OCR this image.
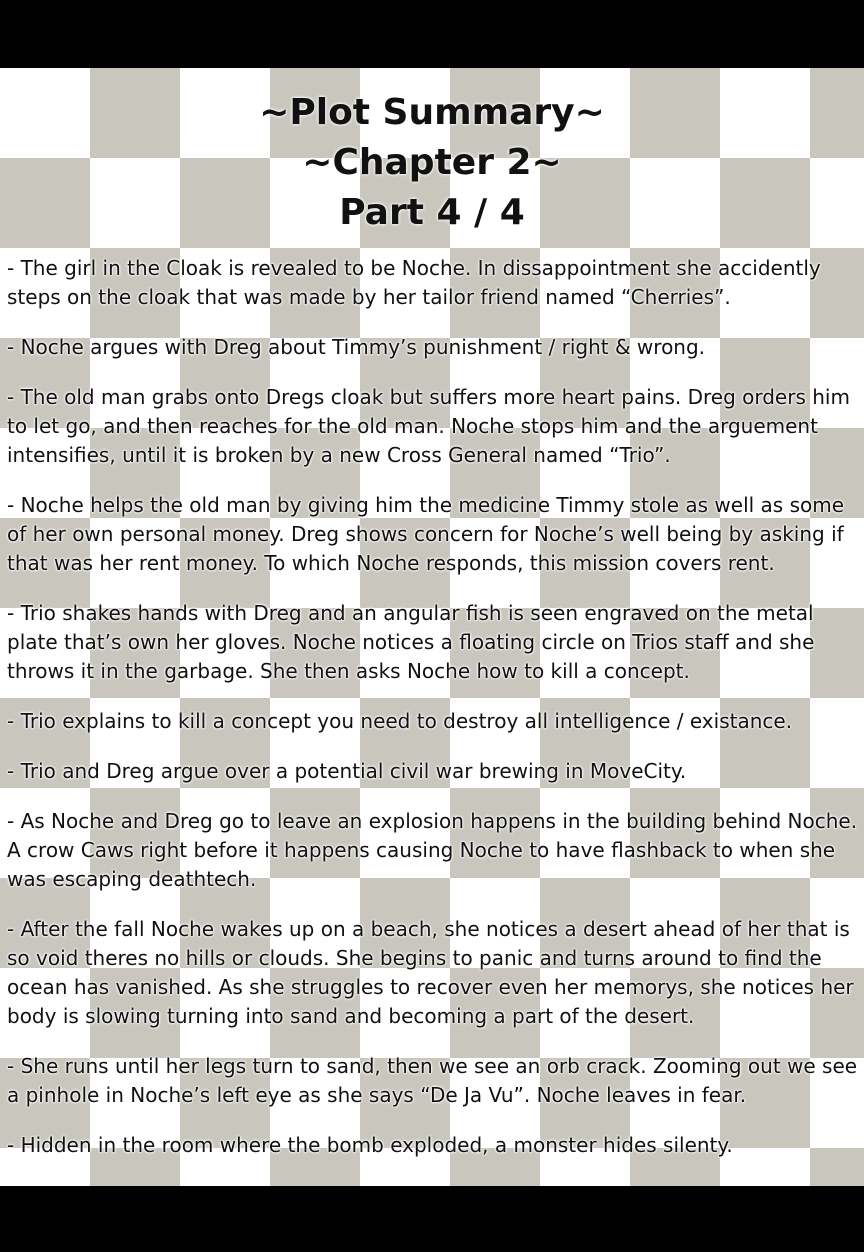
~Plot Summary~
~Chapter 2~
Part 4 / 4
- The girl in the Cloak is revealed to be Noche. In dissappointment she accidently steps on the cloak that was made by her tailor friend named “Cherries”.
- Noche argues with Dreg about Timmy’s punishment / right & wrong.
- The old man grabs onto Dregs cloak but suffers more heart pains. Dreg orders him to let go, and then reaches for the old man. Noche stops him and the arguement intensifies, until it is broken by a new Cross General named “Trio”.
- Noche helps the old man by giving him the medicine Timmy stole as well as some of her own personal money. Dreg shows concern for Noche’s well being by asking if that was her rent money. To which Noche responds, this mission covers rent.
- Trio shakes hands with Dreg and an angular fish is seen engraved on the metal plate that’s own her gloves. Noche notices a floating circle on Trios staff and she throws it in the garbage. She then asks Noche how to kill a concept.
- Trio explains to kill a concept you need to destroy all intelligence / existance.
- Trio and Dreg argue over a potential civil war brewing in MoveCity.
- As Noche and Dreg go to leave an explosion happens in the building behind Noche. A crow Caws right before it happens causing Noche to have flashback to when she was escaping deathtech.
- After the fall Noche wakes up on a beach, she notices a desert ahead of her that is so void theres no hills or clouds. She begins to panic and turns around to find the ocean has vanished. As she struggles to recover even her memorys, she notices her body is slowing turning into sand and becoming a part of the desert.
- She runs until her legs turn to sand, then we see an orb crack. Zooming out we see a pinhole in Noche’s left eye as she says “De Ja Vu”. Noche leaves in fear.
- Hidden in the room where the bomb exploded, a monster hides silenty.
